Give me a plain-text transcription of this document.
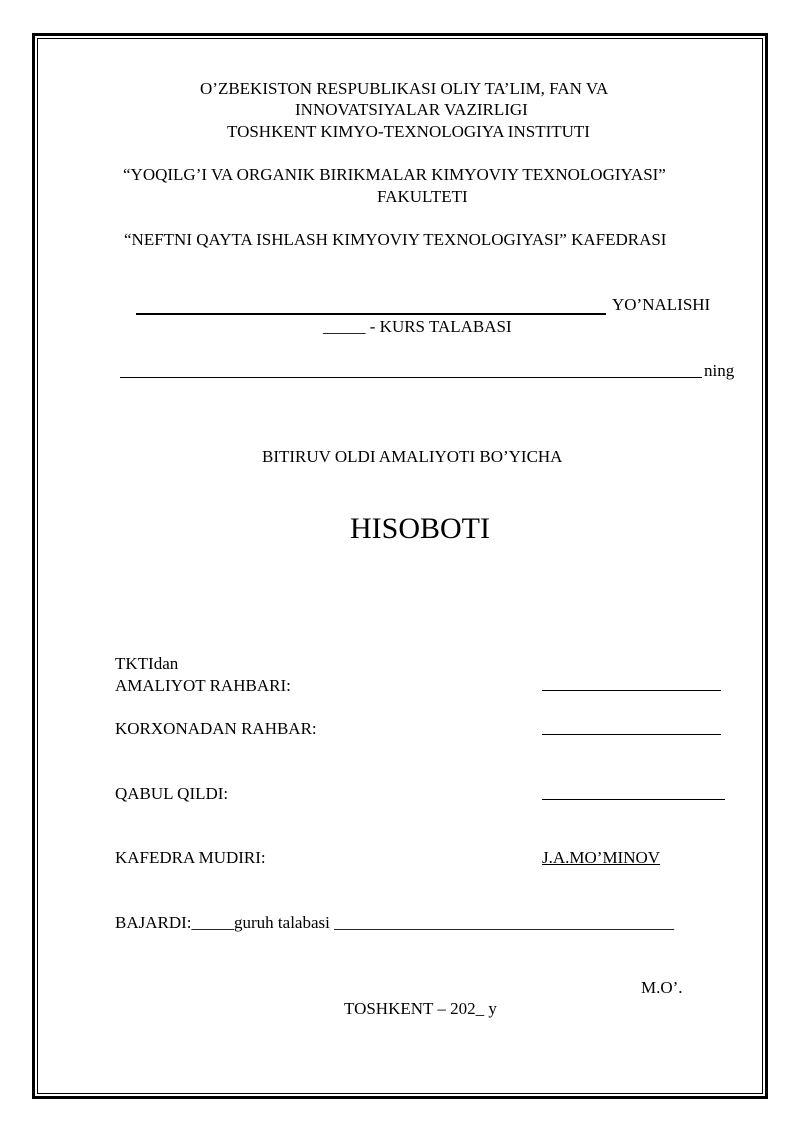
O’ZBEKISTON RESPUBLIKASI OLIY TA’LIM, FAN VA
INNOVATSIYALAR VAZIRLIGI
TOSHKENT KIMYO-TEXNOLOGIYA INSTITUTI
“YOQILG’I VA ORGANIK BIRIKMALAR KIMYOVIY TEXNOLOGIYASI”
FAKULTETI
“NEFTNI QAYTA ISHLASH KIMYOVIY TEXNOLOGIYASI” KAFEDRASI
YO’NALISHI
_____ - KURS TALABASI
ning
BITIRUV OLDI AMALIYOTI BO’YICHA
HISOBOTI
TKTIdan
AMALIYOT RAHBARI:
KORXONADAN RAHBAR:
QABUL QILDI:
KAFEDRA MUDIRI:	J.A.MO’MINOV
BAJARDI:_____guruh talabasi ________________________________________
M.O’.
TOSHKENT – 202_ y
